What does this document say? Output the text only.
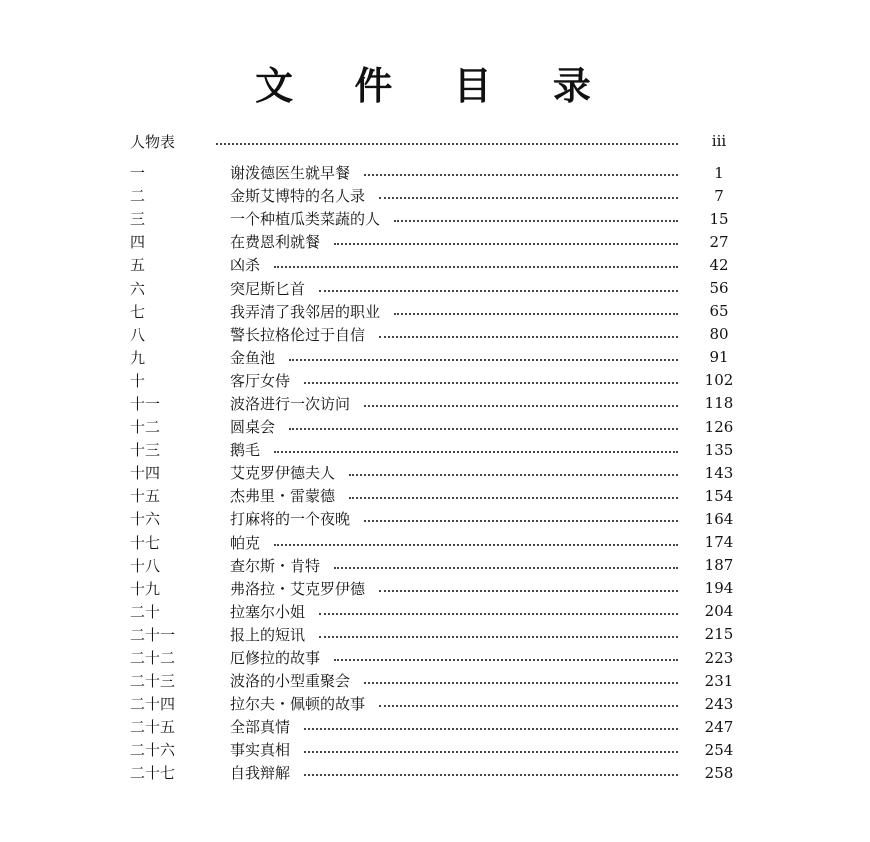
文 件 目 录
人物表	iii
一	谢泼德医生就早餐	1
二	金斯艾博特的名人录	7
三	一个种植瓜类菜蔬的人	15
四	在费恩利就餐	27
五	凶杀	42
六	突尼斯匕首	56
七	我弄清了我邻居的职业	65
八	警长拉格伦过于自信	80
九	金鱼池	91
十	客厅女侍	102
十一	波洛进行一次访问	118
十二	圆桌会	126
十三	鹅毛	135
十四	艾克罗伊德夫人	143
十五	杰弗里・雷蒙德	154
十六	打麻将的一个夜晚	164
十七	帕克	174
十八	查尔斯・肯特	187
十九	弗洛拉・艾克罗伊德	194
二十	拉塞尔小姐	204
二十一	报上的短讯	215
二十二	厄修拉的故事	223
二十三	波洛的小型重聚会	231
二十四	拉尔夫・佩顿的故事	243
二十五	全部真情	247
二十六	事实真相	254
二十七	自我辩解	258
